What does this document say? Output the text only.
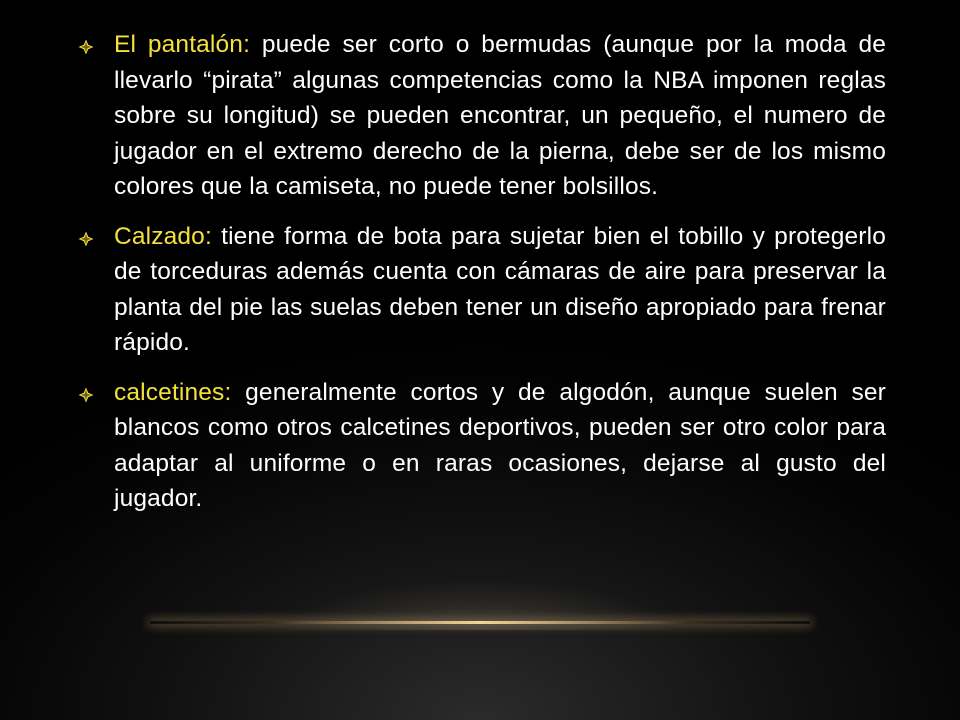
El pantalón: puede ser corto o bermudas (aunque por la moda de llevarlo “pirata” algunas competencias como la NBA imponen reglas sobre su longitud) se pueden encontrar, un pequeño, el numero de jugador en el extremo derecho de la pierna, debe ser de los mismo colores que la camiseta, no puede tener bolsillos.
Calzado: tiene forma de bota para sujetar bien el tobillo y protegerlo de torceduras además cuenta con cámaras de aire para preservar la planta del pie las suelas deben tener un diseño apropiado para frenar rápido.
calcetines: generalmente cortos y de algodón, aunque suelen ser blancos como otros calcetines deportivos, pueden ser otro color para adaptar al uniforme o en raras ocasiones, dejarse al gusto del jugador.
